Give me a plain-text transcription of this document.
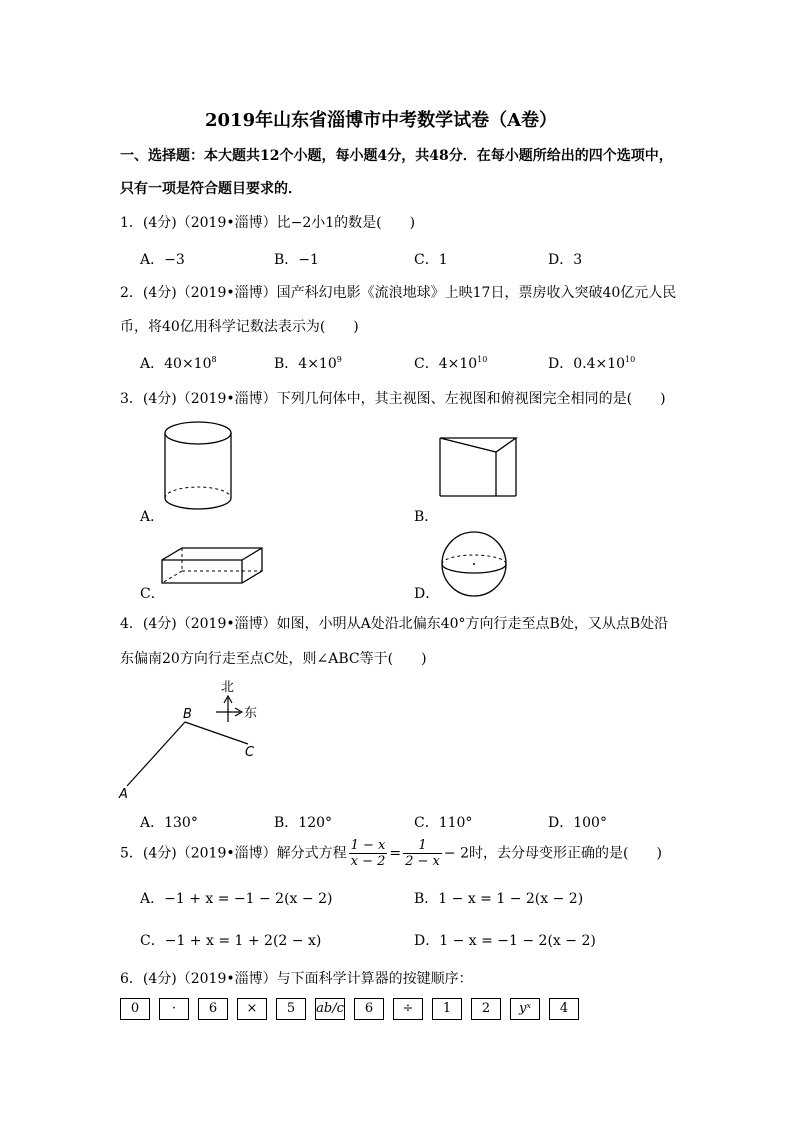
2019年山东省淄博市中考数学试卷（A卷）
一、选择题：本大题共12个小题，每小题4分，共48分．在每小题所给出的四个选项中，
只有一项是符合题目要求的．
1．(4分)（2019•淄博）比−2小1的数是(　　)
A．−3	B．−1	C．1	D．3
2．(4分)（2019•淄博）国产科幻电影《流浪地球》上映17日，票房收入突破40亿元人民
币，将40亿用科学记数法表示为(　　)
A．$40\times 10^8$	B．$4\times 10^9$	C．$4\times 10^{10}$	D．$0.4\times 10^{10}$
3．(4分)（2019•淄博）下列几何体中，其主视图、左视图和俯视图完全相同的是(　　)
A．	B．
C．	D．
4．(4分)（2019•淄博）如图，小明从A处沿北偏东40°方向行走至点B处，又从点B处沿
东偏南20方向行走至点C处，则∠ABC等于(　　)
北
东
B
C
A
A．130°	B．120°	C．110°	D．100°
5．(4分)（2019•淄博）解分式方程 $\frac{1 - x}{x - 2} = \frac{1}{2 - x} - 2$时，去分母变形正确的是(　　)
A．−1 + x = −1 − 2(x − 2)	B．1 − x = 1 − 2(x − 2)
C．−1 + x = 1 + 2(2 − x)	D．1 − x = −1 − 2(x − 2)
6．(4分)（2019•淄博）与下面科学计算器的按键顺序：
0	·	6	×	5	ab/c	6	÷	1	2	yˣ	4
